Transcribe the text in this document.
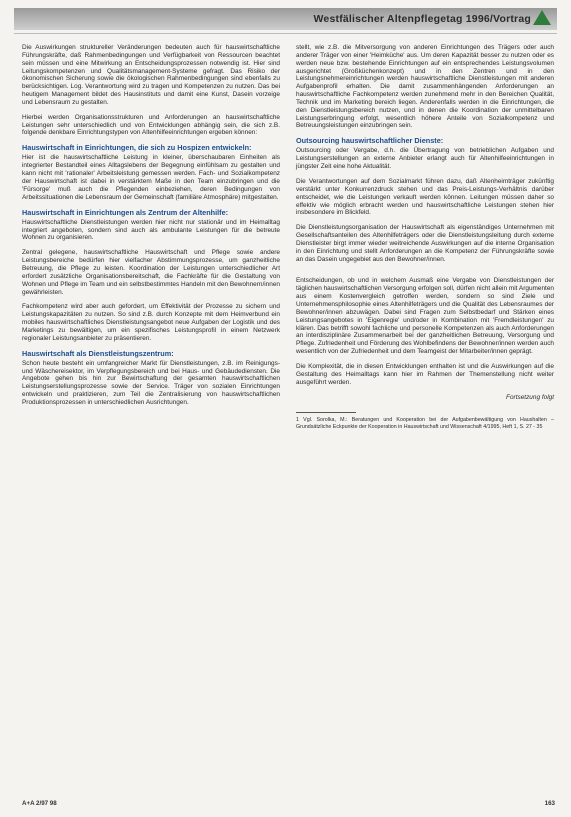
Westfälischer Altenpflegetag 1996/Vortrag

Die Auswirkungen struktureller Veränderungen bedeuten auch für hauswirtschaftliche Führungskräfte, daß Rahmenbedingungen und Verfügbarkeit von Ressourcen beachtet sein müssen und eine Mitwirkung an Entscheidungsprozessen notwendig ist. Hier sind Leitungskompetenzen und Qualitätsmanagement-Systeme gefragt. Das Risiko der ökonomischen Sicherung sowie die ökologischen Rahmenbedingungen sind ebenfalls zu berücksichtigen. Log. Verantwortung wird zu tragen und Kompetenzen zu nutzen. Das bei heutigem Management bildet des Hausinstituts und damit eine Kunst, Dasein vorzeige und Lebensraum zu gestalten.

Hierbei werden Organisationsstrukturen und Anforderungen an hauswirtschaftliche Leistungen sehr unterschiedlich und von Entwicklungen abhängig sein, die sich z.B. folgende denkbare Einrichtungstypen von Altenhilfeeinrichtungen ergeben können:

Hauswirtschaft in Einrichtungen, die sich zu Hospizen entwickeln:

Hier ist die hauswirtschaftliche Leistung in kleiner, überschaubaren Einheiten als integrierter Bestandteil eines Alltagslebens der Begegnung einfühlsam zu gestalten und kann nicht mit 'rationaler' Arbeitsleistung gemessen werden. Fach- und Sozialkompetenz der Hauswirtschaft ist dabei in verstärktem Maße in den Team einzubringen und die 'Fürsorge' muß auch die Pflegenden einbeziehen, deren Bedingungen von Arbeitssituationen die Lebensraum der Gemeinschaft (familiäre Atmosphäre) mitgestalten.

Hauswirtschaft in Einrichtungen als Zentrum der Altenhilfe:

Hauswirtschaftliche Dienstleistungen werden hier nicht nur stationär und im Heimalltag integriert angeboten, sondern sind auch als ambulante Leistungen für die betreute Wohnen zu organisieren.

Zentral gelegene, hauswirtschaftliche Hauswirtschaft und Pflege sowie andere Leistungsbereiche bedürfen hier vielfacher Abstimmungsprozesse, um ganzheitliche Betreuung, die Pflege zu leisten. Koordination der Leistungen unterschiedlicher Art erfordert zusätzliche Organisationsbereitschaft, die Fachkräfte für die Gestaltung von Wohnen und Pflege im Team und ein selbstbestimmtes Handeln mit den Bewohnern/innen gewährleisten.

Fachkompetenz wird aber auch gefordert, um Effektivität der Prozesse zu sichern und Leistungskapazitäten zu nutzen. So sind z.B. durch Konzepte mit dem Heimverbund ein mobiles hauswirtschaftliches Dienstleistungsangebot neue Aufgaben der Logistik und des Marketings zu bewältigen, um ein spezifisches Leistungsprofil in einem Netzwerk regionaler Leistungsanbieter zu präsentieren.

Hauswirtschaft als Dienstleistungszentrum:

Schon heute besteht ein umfangreicher Markt für Dienstleistungen, z.B. im Reinigungs- und Wäschereisektor, im Verpflegungsbereich und bei Haus- und Gebäudediensten. Die Angebote gehen bis hin zur Bewirtschaftung der gesamten hauswirtschaftlichen Leistungserstellungsprozesse sowie der Service. Träger von sozialen Einrichtungen entwickeln und praktizieren, zum Teil die Zentralisierung von hauswirtschaftlichen Produktionsprozessen in unterschiedlichen Ausrichtungen.

stellt, wie z.B. die Mitversorgung von anderen Einrichtungen des Trägers oder auch anderer Träger von einer 'Heimküche' aus. Um deren Kapazität besser zu nutzen oder es werden neue bzw. bestehende Einrichtungen auf ein entsprechendes Leistungsvolumen ausgerichtet (Großküchenkonzept) und in den Zentren und in den Leistungsnehmereinrichtungen werden hauswirtschaftliche Dienstleistungen mit anderen Aufgabenprofil erhalten. Die damit zusammenhängenden Anforderungen an hauswirtschaftliche Fachkompetenz werden zunehmend mehr in den Bereichen Qualität, Technik und im Marketing bereich liegen. Anderenfalls werden in die Einrichtungen, die den Dienstleistungsbereich nutzen, und in denen die Koordination der unmittelbaren Leistungserbringung erfolgt, wesentlich höhere Anteile von Sozialkompetenz und Betreuungsleistungen einzubringen sein.

Outsourcing hauswirtschaftlicher Dienste:

Outsourcing oder Vergabe, d.h. die Übertragung von betrieblichen Aufgaben und Leistungserstellungen an externe Anbieter erlangt auch für Altenhilfeeinrichtungen in jüngster Zeit eine hohe Aktualität.

Die Verantwortungen auf dem Sozialmarkt führen dazu, daß Altenheimträger zukünftig verstärkt unter Konkurrenzdruck stehen und das Preis-Leistungs-Verhältnis darüber entscheidet, wie die Leistungen verkauft werden können. Leitungen müssen daher so effektiv wie möglich erbracht werden und hauswirtschaftliche Leistungen stehen hier insbesondere im Blickfeld.

Die Dienstleistungsorganisation der Hauswirtschaft als eigenständiges Unternehmen mit Gesellschaftsanteilen des Altenhilfeträgers oder die Dienstleistungsleitung durch externe Dienstleister birgt immer wieder weitreichende Auswirkungen auf die interne Organisation in den Einrichtung und stellt Anforderungen an die Kompetenz der Führungskräfte sowie an das Dasein ungegebiet aus den Bewohner/innen.

Entscheidungen, ob und in welchem Ausmaß eine Vergabe von Dienstleistungen der täglichen hauswirtschaftlichen Versorgung erfolgen soll, dürfen nicht allein mit Argumenten aus einem Kostenvergleich getroffen werden, sondern so sind Ziele und Unternehmensphilosophie eines Altenhilfeträgers und die Qualität des Lebensraumes der Bewohner/innen abzuwägen. Dabei sind Fragen zum Selbstbedarf und Stärken eines Leistungsangebotes in 'Eigenregie' und/oder in Kombination mit 'Fremdleistungen' zu klären. Das betrifft sowohl fachliche und personelle Kompetenzen als auch Anforderungen an interdisziplinäre Zusammenarbeit bei der ganzheitlichen Betreuung, Versorgung und Pflege. Zufriedenheit und Förderung des Wohlbefindens der Bewohner/innen werden auch wesentlich von der Zufriedenheit und dem Teamgeist der Mitarbeiter/innen geprägt.

Die Komplexität, die in diesen Entwicklungen enthalten ist und die Auswirkungen auf die Gestaltung des Heimalltags kann hier im Rahmen der Themenstellung nicht weiter ausgeführt werden.

Fortsetzung folgt
1 Vgl. Sorolka, M.: Beratungen und Kooperation bei der Aufgabenbewältigung von Haushalten – Grundsätzliche Eckpunkte der Kooperation in Hauswirtschaft und Wissenschaft 4/1995, Heft 1, S. 27 - 35
A+A 2/97 98	163
